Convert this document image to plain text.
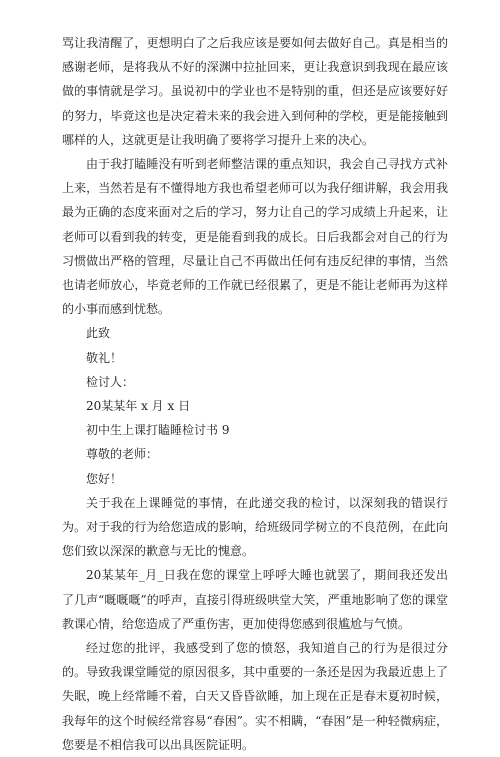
骂让我清醒了，更想明白了之后我应该是要如何去做好自己。真是相当的感谢老师，是将我从不好的深渊中拉扯回来，更让我意识到我现在最应该做的事情就是学习。虽说初中的学业也不是特别的重，但还是应该要好好的努力，毕竟这也是决定着未来的我会进入到何种的学校，更是能接触到哪样的人，这就更是让我明确了要将学习提升上来的决心。

由于我打瞌睡没有听到老师整洁课的重点知识，我会自己寻找方式补上来，当然若是有不懂得地方我也希望老师可以为我仔细讲解，我会用我最为正确的态度来面对之后的学习，努力让自己的学习成绩上升起来，让老师可以看到我的转变，更是能看到我的成长。日后我都会对自己的行为习惯做出严格的管理，尽量让自己不再做出任何有违反纪律的事情，当然也请老师放心，毕竟老师的工作就已经很累了，更是不能让老师再为这样的小事而感到忧愁。

此致

敬礼！

检讨人：

20某某年 x 月 x 日

初中生上课打瞌睡检讨书 9

尊敬的老师：

您好！

关于我在上课睡觉的事情，在此递交我的检讨，以深刻我的错误行为。对于我的行为给您造成的影响，给班级同学树立的不良范例，在此向您们致以深深的歉意与无比的愧意。

20某某年_月_日我在您的课堂上呼呼大睡也就罢了，期间我还发出了几声“嘅嘅嘅”的呼声，直接引得班级哄堂大笑，严重地影响了您的课堂教课心情，给您造成了严重伤害，更加使得您感到很尴尬与气愤。

经过您的批评，我感受到了您的愤怒，我知道自己的行为是很过分的。导致我课堂睡觉的原因很多，其中重要的一条还是因为我最近患上了失眠，晚上经常睡不着，白天又昏昏欲睡，加上现在正是春末夏初时候，我每年的这个时候经常容易“春困”。实不相瞒，“春困”是一种轻微病症，您要是不相信我可以出具医院证明。
